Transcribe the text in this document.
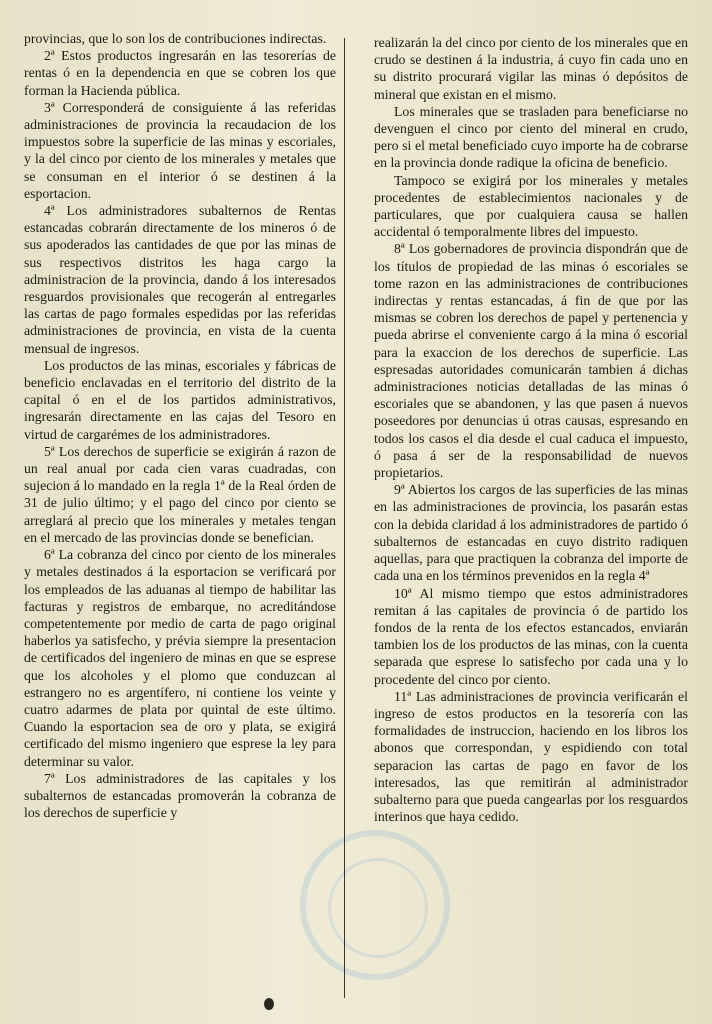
provincias, que lo son los de contribuciones indirectas.

2ª Estos productos ingresarán en las tesorerías de rentas ó en la dependencia en que se cobren los que forman la Hacienda pública.

3ª Corresponderá de consiguiente á las referidas administraciones de provincia la recaudacion de los impuestos sobre la superficie de las minas y escoriales, y la del cinco por ciento de los minerales y metales que se consuman en el interior ó se destinen á la esportacion.

4ª Los administradores subalternos de Rentas estancadas cobrarán directamente de los mineros ó de sus apoderados las cantidades de que por las minas de sus respectivos distritos les haga cargo la administracion de la provincia, dando á los interesados resguardos provisionales que recogerán al entregarles las cartas de pago formales espedidas por las referidas administraciones de provincia, en vista de la cuenta mensual de ingresos.

Los productos de las minas, escoriales y fábricas de beneficio enclavadas en el territorio del distrito de la capital ó en el de los partidos administrativos, ingresarán directamente en las cajas del Tesoro en virtud de cargarémes de los administradores.

5ª Los derechos de superficie se exigirán á razon de un real anual por cada cien varas cuadradas, con sujecion á lo mandado en la regla 1ª de la Real órden de 31 de julio último; y el pago del cinco por ciento se arreglará al precio que los minerales y metales tengan en el mercado de las provincias donde se benefician.

6ª La cobranza del cinco por ciento de los minerales y metales destinados á la esportacion se verificará por los empleados de las aduanas al tiempo de habilitar las facturas y registros de embarque, no acreditándose competentemente por medio de carta de pago original haberlos ya satisfecho, y prévia siempre la presentacion de certificados del ingeniero de minas en que se esprese que los alcoholes y el plomo que conduzcan al estrangero no es argentífero, ni contiene los veinte y cuatro adarmes de plata por quintal de este último. Cuando la esportacion sea de oro y plata, se exigirá certificado del mismo ingeniero que esprese la ley para determinar su valor.

7ª Los administradores de las capitales y los subalternos de estancadas promoverán la cobranza de los derechos de superficie y

realizarán la del cinco por ciento de los minerales que en crudo se destinen á la industria, á cuyo fin cada uno en su distrito procurará vigilar las minas ó depósitos de mineral que existan en el mismo.

Los minerales que se trasladen para beneficiarse no devenguen el cinco por ciento del mineral en crudo, pero si el metal beneficiado cuyo importe ha de cobrarse en la provincia donde radique la oficina de beneficio.

Tampoco se exigirá por los minerales y metales procedentes de establecimientos nacionales y de particulares, que por cualquiera causa se hallen accidental ó temporalmente libres del impuesto.

8ª Los gobernadores de provincia dispondrán que de los títulos de propiedad de las minas ó escoriales se tome razon en las administraciones de contribuciones indirectas y rentas estancadas, á fin de que por las mismas se cobren los derechos de papel y pertenencia y pueda abrirse el conveniente cargo á la mina ó escorial para la exaccion de los derechos de superficie. Las espresadas autoridades comunicarán tambien á dichas administraciones noticias detalladas de las minas ó escoriales que se abandonen, y las que pasen á nuevos poseedores por denuncias ú otras causas, espresando en todos los casos el dia desde el cual caduca el impuesto, ó pasa á ser de la responsabilidad de nuevos propietarios.

9ª Abiertos los cargos de las superficies de las minas en las administraciones de provincia, los pasarán estas con la debida claridad á los administradores de partido ó subalternos de estancadas en cuyo distrito radiquen aquellas, para que practiquen la cobranza del importe de cada una en los términos prevenidos en la regla 4ª

10ª Al mismo tiempo que estos administradores remitan á las capitales de provincia ó de partido los fondos de la renta de los efectos estancados, enviarán tambien los de los productos de las minas, con la cuenta separada que esprese lo satisfecho por cada una y lo procedente del cinco por ciento.

11ª Las administraciones de provincia verificarán el ingreso de estos productos en la tesorería con las formalidades de instruccion, haciendo en los libros los abonos que correspondan, y espidiendo con total separacion las cartas de pago en favor de los interesados, las que remitirán al administrador subalterno para que pueda cangearlas por los resguardos interinos que haya cedido.
